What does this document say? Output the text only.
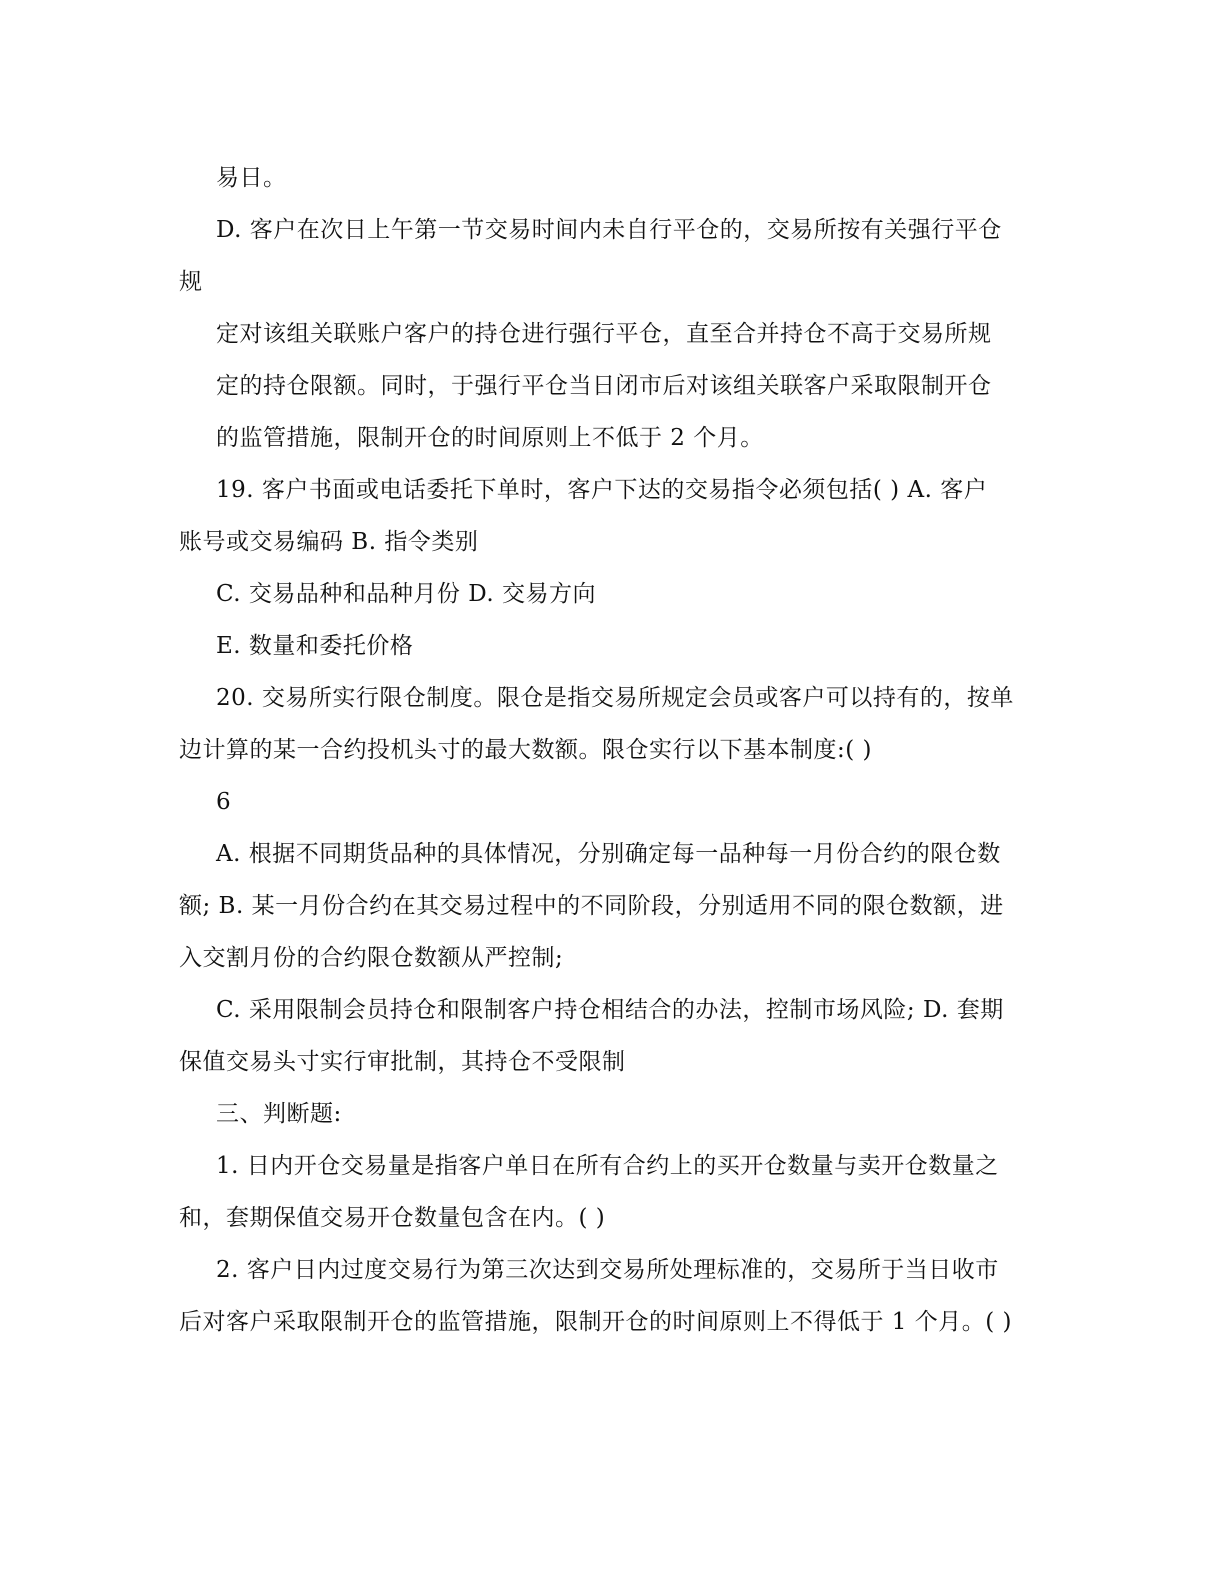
易日。
D. 客户在次日上午第一节交易时间内未自行平仓的，交易所按有关强行平仓
规
定对该组关联账户客户的持仓进行强行平仓，直至合并持仓不高于交易所规
定的持仓限额。同时，于强行平仓当日闭市后对该组关联客户采取限制开仓
的监管措施，限制开仓的时间原则上不低于 2 个月。
19. 客户书面或电话委托下单时，客户下达的交易指令必须包括( ) A. 客户
账号或交易编码 B. 指令类别
C. 交易品种和品种月份 D. 交易方向
E. 数量和委托价格
20. 交易所实行限仓制度。限仓是指交易所规定会员或客户可以持有的，按单
边计算的某一合约投机头寸的最大数额。限仓实行以下基本制度:( )
6
A. 根据不同期货品种的具体情况，分别确定每一品种每一月份合约的限仓数
额; B. 某一月份合约在其交易过程中的不同阶段，分别适用不同的限仓数额，进
入交割月份的合约限仓数额从严控制;
C. 采用限制会员持仓和限制客户持仓相结合的办法，控制市场风险; D. 套期
保值交易头寸实行审批制，其持仓不受限制
三、判断题:
1. 日内开仓交易量是指客户单日在所有合约上的买开仓数量与卖开仓数量之
和，套期保值交易开仓数量包含在内。( )
2. 客户日内过度交易行为第三次达到交易所处理标准的，交易所于当日收市
后对客户采取限制开仓的监管措施，限制开仓的时间原则上不得低于 1 个月。( )
